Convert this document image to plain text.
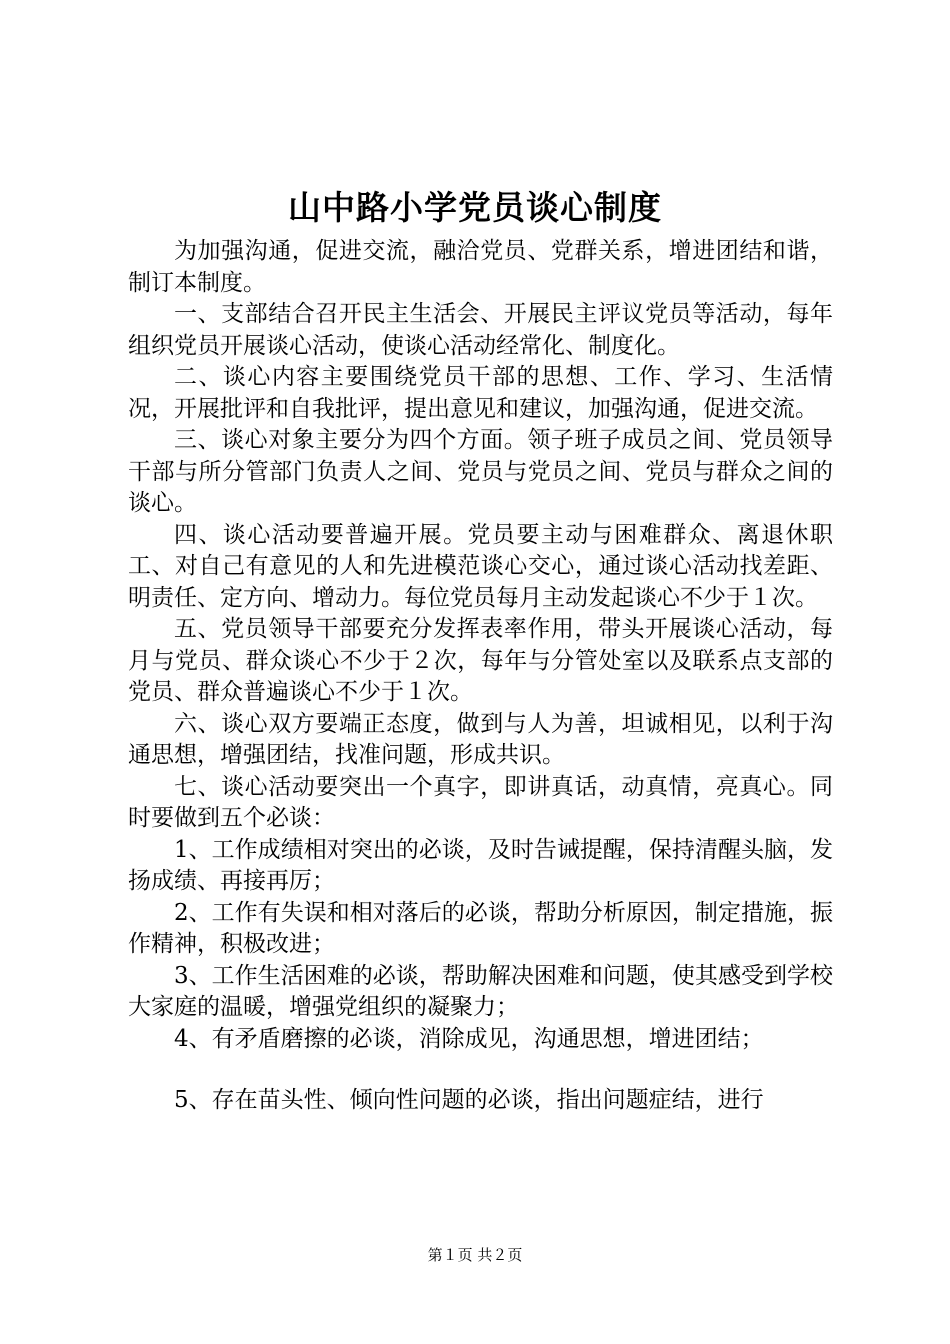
山中路小学党员谈心制度

为加强沟通，促进交流，融洽党员、党群关系，增进团结和谐，制订本制度。

一、支部结合召开民主生活会、开展民主评议党员等活动，每年组织党员开展谈心活动，使谈心活动经常化、制度化。

二、谈心内容主要围绕党员干部的思想、工作、学习、生活情况，开展批评和自我批评，提出意见和建议，加强沟通，促进交流。

三、谈心对象主要分为四个方面。领子班子成员之间、党员领导干部与所分管部门负责人之间、党员与党员之间、党员与群众之间的谈心。

四、谈心活动要普遍开展。党员要主动与困难群众、离退休职工、对自己有意见的人和先进模范谈心交心，通过谈心活动找差距、明责任、定方向、增动力。每位党员每月主动发起谈心不少于１次。

五、党员领导干部要充分发挥表率作用，带头开展谈心活动，每月与党员、群众谈心不少于２次，每年与分管处室以及联系点支部的党员、群众普遍谈心不少于１次。

六、谈心双方要端正态度，做到与人为善，坦诚相见，以利于沟通思想，增强团结，找准问题，形成共识。

七、谈心活动要突出一个真字，即讲真话，动真情，亮真心。同时要做到五个必谈：

1、工作成绩相对突出的必谈，及时告诫提醒，保持清醒头脑，发扬成绩、再接再厉；

2、工作有失误和相对落后的必谈，帮助分析原因，制定措施，振作精神，积极改进；

3、工作生活困难的必谈，帮助解决困难和问题，使其感受到学校大家庭的温暖，增强党组织的凝聚力；

4、有矛盾磨擦的必谈，消除成见，沟通思想，增进团结；

5、存在苗头性、倾向性问题的必谈，指出问题症结，进行

第１页 共２页
